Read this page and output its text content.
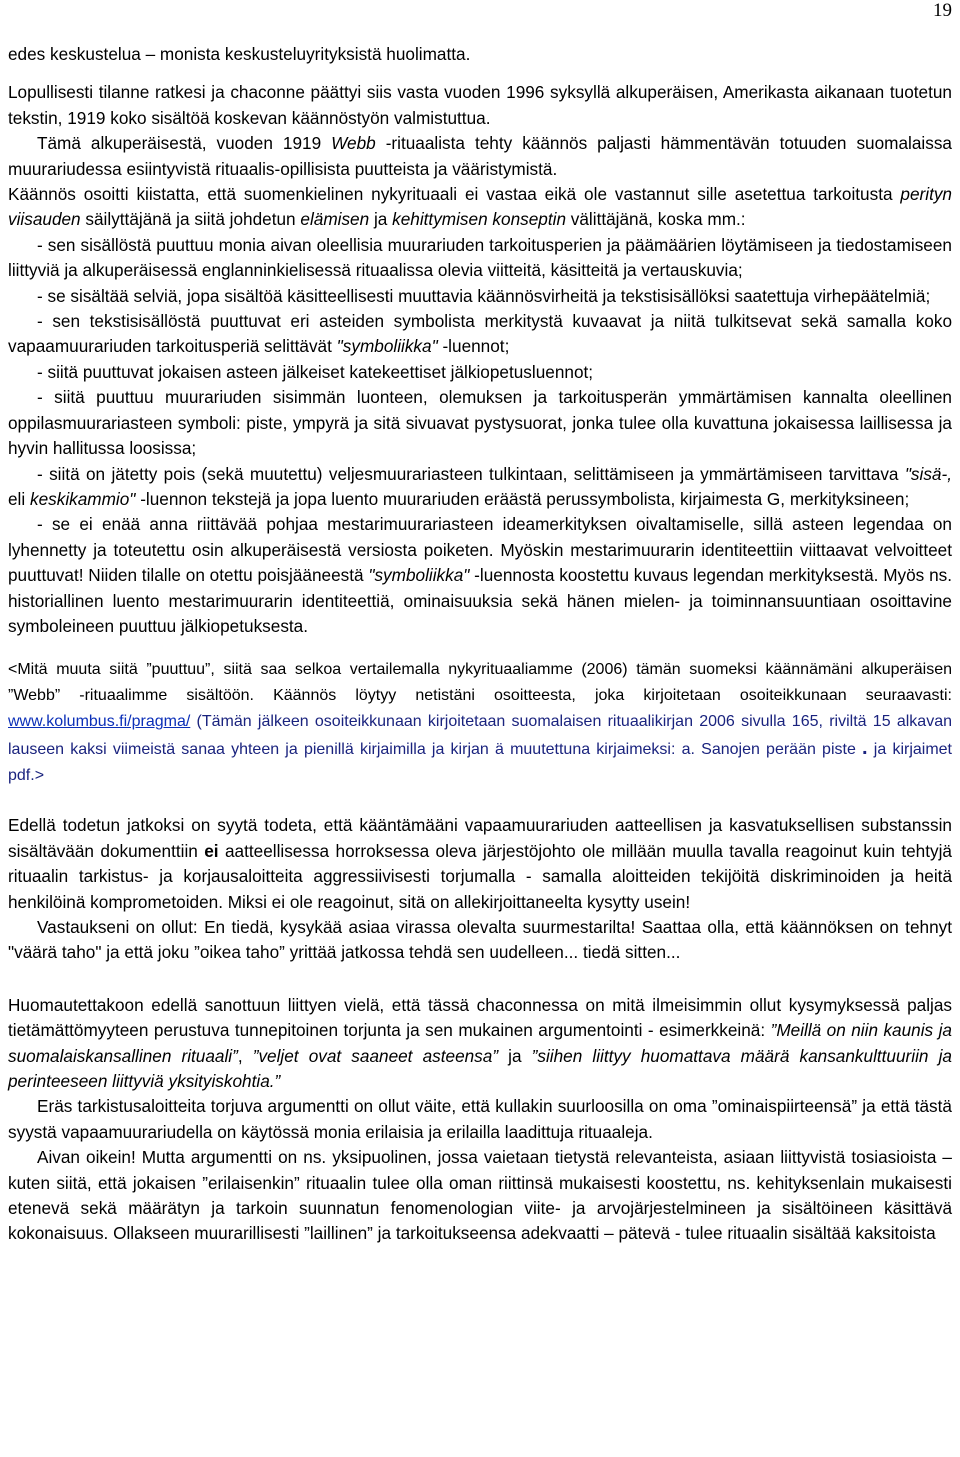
19

edes keskustelua – monista keskusteluyrityksistä huolimatta.

Lopullisesti tilanne ratkesi ja chaconne päättyi siis vasta vuoden 1996 syksyllä alkuperäisen, Amerikasta aikanaan tuotetun tekstin, 1919 koko sisältöä koskevan käännöstyön valmistuttua.

Tämä alkuperäisestä, vuoden 1919 Webb -rituaalista tehty käännös paljasti hämmentävän totuuden suomalaissa muurariudessa esiintyvistä rituaalis-opillisista puutteista ja vääristymistä.

Käännös osoitti kiistatta, että suomenkielinen nykyrituaali ei vastaa eikä ole vastannut sille asetettua tarkoitusta perityn viisauden säilyttäjänä ja siitä johdetun elämisen ja kehittymisen konseptin välittäjänä, koska mm.:

- sen sisällöstä puuttuu monia aivan oleellisia muurariuden tarkoitusperien ja päämäärien löytämiseen ja tiedostamiseen liittyviä ja alkuperäisessä englanninkielisessä rituaalissa olevia viitteitä, käsitteitä ja vertauskuvia;

- se sisältää selviä, jopa sisältöä käsitteellisesti muuttavia käännösvirheitä ja tekstisisällöksi saatettuja virhepäätelmiä;

- sen tekstisisällöstä puuttuvat eri asteiden symbolista merkitystä kuvaavat ja niitä tulkitsevat sekä samalla koko vapaamuurariuden tarkoitusperiä selittävät "symboliikka" -luennot;

- siitä puuttuvat jokaisen asteen jälkeiset katekeettiset jälkiopetusluennot;

- siitä puuttuu muurariuden sisimmän luonteen, olemuksen ja tarkoitusperän ymmärtämisen kannalta oleellinen oppilasmuurariasteen symboli: piste, ympyrä ja sitä sivuavat pystysuorat, jonka tulee olla kuvattuna jokaisessa laillisessa ja hyvin hallitussa loosissa;

- siitä on jätetty pois (sekä muutettu) veljesmuurariasteen tulkintaan, selittämiseen ja ymmärtämiseen tarvittava "sisä-, eli keskikammio" -luennon tekstejä ja jopa luento muurariuden eräästä perussymbolista, kirjaimesta G, merkityksineen;

- se ei enää anna riittävää pohjaa mestarimuurariasteen ideamerkityksen oivaltamiselle, sillä asteen legendaa on lyhennetty ja toteutettu osin alkuperäisestä versiosta poiketen. Myöskin mestarimuurarin identiteettiin viittaavat velvoitteet puuttuvat! Niiden tilalle on otettu poisjääneestä "symboliikka" -luennosta koostettu kuvaus legendan merkityksestä. Myös ns. historiallinen luento mestarimuurarin identiteettiä, ominaisuuksia sekä hänen mielen- ja toiminnansuuntiaan osoittavine symboleineen puuttuu jälkiopetuksesta.

<Mitä muuta siitä ”puuttuu”, siitä saa selkoa vertailemalla nykyrituaaliamme (2006) tämän suomeksi käännämäni alkuperäisen ”Webb” -rituaalimme sisältöön. Käännös löytyy netistäni osoitteesta, joka kirjoitetaan osoiteikkunaan seuraavasti: www.kolumbus.fi/pragma/ (Tämän jälkeen osoiteikkunaan kirjoitetaan suomalaisen rituaalikirjan 2006 sivulla 165, riviltä 15 alkavan lauseen kaksi viimeistä sanaa yhteen ja pienillä kirjaimilla ja kirjan ä muutettuna kirjaimeksi: a. Sanojen perään piste . ja kirjaimet pdf.>

Edellä todetun jatkoksi on syytä todeta, että kääntämääni vapaamuurariuden aatteellisen ja kasvatuksellisen substanssin sisältävään dokumenttiin ei aatteellisessa horroksessa oleva järjestöjohto ole millään muulla tavalla reagoinut kuin tehtyjä rituaalin tarkistus- ja korjausaloitteita aggressiivisesti torjumalla - samalla aloitteiden tekijöitä diskriminoiden ja heitä henkilöinä komprometoiden. Miksi ei ole reagoinut, sitä on allekirjoittaneelta kysytty usein!

Vastaukseni on ollut: En tiedä, kysykää asiaa virassa olevalta suurmestarilta! Saattaa olla, että käännöksen on tehnyt "väärä taho" ja että joku ”oikea taho” yrittää jatkossa tehdä sen uudelleen... tiedä sitten...

Huomautettakoon edellä sanottuun liittyen vielä, että tässä chaconnessa on mitä ilmeisimmin ollut kysymyksessä paljas tietämättömyyteen perustuva tunnepitoinen torjunta ja sen mukainen argumentointi - esimerkkeinä: ”Meillä on niin kaunis ja suomalaiskansallinen rituaali”, ”veljet ovat saaneet asteensa” ja ”siihen liittyy huomattava määrä kansankulttuuriin ja perinteeseen liittyviä yksityiskohtia.”

Eräs tarkistusaloitteita torjuva argumentti on ollut väite, että kullakin suurloosilla on oma ”ominaispiirteensä” ja että tästä syystä vapaamuurariudella on käytössä monia erilaisia ja erilailla laadittuja rituaaleja.

Aivan oikein! Mutta argumentti on ns. yksipuolinen, jossa vaietaan tietystä relevanteista, asiaan liittyvistä tosiasioista – kuten siitä, että jokaisen ”erilaisenkin” rituaalin tulee olla oman riittinsä mukaisesti koostettu, ns. kehityksenlain mukaisesti etenevä sekä määrätyn ja tarkoin suunnatun fenomenologian viite- ja arvojärjestelmineen ja sisältöineen käsittävä kokonaisuus. Ollakseen muurarillisesti ”laillinen” ja tarkoitukseensa adekvaatti – pätevä - tulee rituaalin sisältää kaksitoista
